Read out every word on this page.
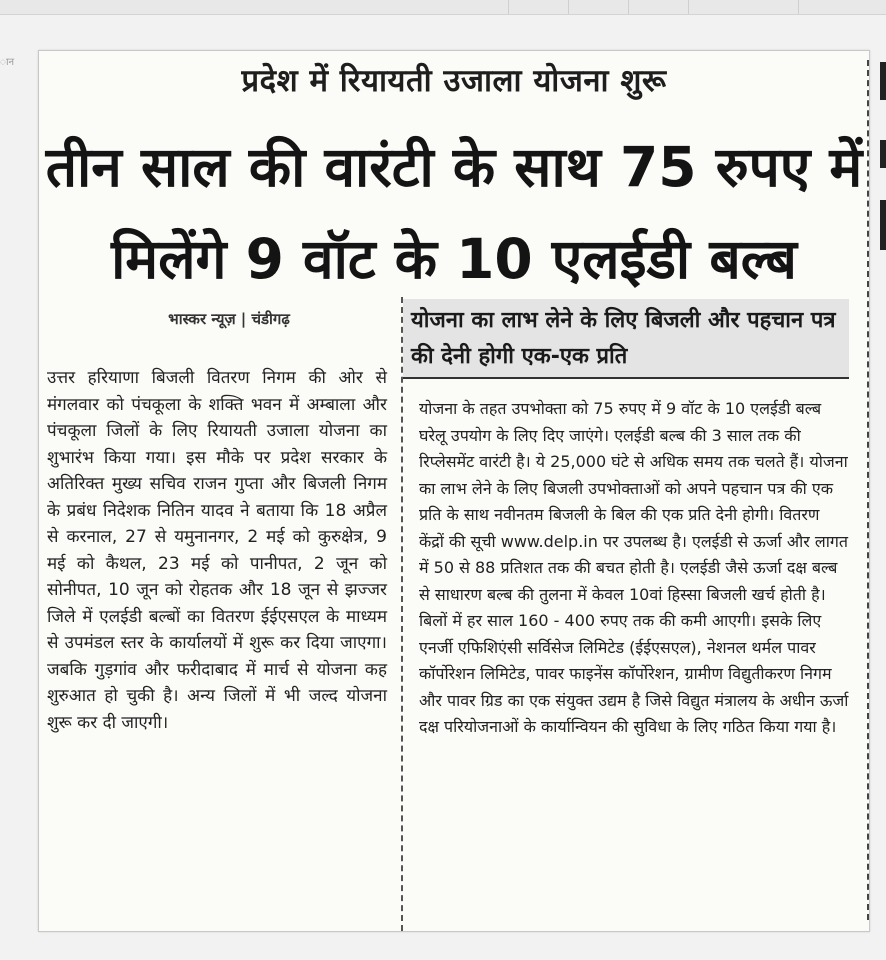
ान
प्रदेश में रियायती उजाला योजना शुरू
तीन साल की वारंटी के साथ 75 रुपए में मिलेंगे 9 वॉट के 10 एलईडी बल्ब
भास्कर न्यूज़ | चंडीगढ़	योजना का लाभ लेने के लिए बिजली और पहचान पत्र की देनी होगी एक-एक प्रति
उत्तर हरियाणा बिजली वितरण निगम की ओर से मंगलवार को पंचकूला के शक्ति भवन में अम्बाला और पंचकूला जिलों के लिए रियायती उजाला योजना का शुभारंभ किया गया। इस मौके पर प्रदेश सरकार के अतिरिक्त मुख्य सचिव राजन गुप्ता और बिजली निगम के प्रबंध निदेशक नितिन यादव ने बताया कि 18 अप्रैल से करनाल, 27 से यमुनानगर, 2 मई को कुरुक्षेत्र, 9 मई को कैथल, 23 मई को पानीपत, 2 जून को सोनीपत, 10 जून को रोहतक और 18 जून से झज्जर जिले में एलईडी बल्बों का वितरण ईईएसएल के माध्यम से उपमंडल स्तर के कार्यालयों में शुरू कर दिया जाएगा। जबकि गुड़गांव और फरीदाबाद में मार्च से योजना कह शुरुआत हो चुकी है। अन्य जिलों में भी जल्द योजना शुरू कर दी जाएगी।
योजना के तहत उपभोक्ता को 75 रुपए में 9 वॉट के 10 एलईडी बल्ब घरेलू उपयोग के लिए दिए जाएंगे। एलईडी बल्ब की 3 साल तक की रिप्लेसमेंट वारंटी है। ये 25,000 घंटे से अधिक समय तक चलते हैं। योजना का लाभ लेने के लिए बिजली उपभोक्ताओं को अपने पहचान पत्र की एक प्रति के साथ नवीनतम बिजली के बिल की एक प्रति देनी होगी। वितरण केंद्रों की सूची www.delp.in पर उपलब्ध है। एलईडी से ऊर्जा और लागत में 50 से 88 प्रतिशत तक की बचत होती है। एलईडी जैसे ऊर्जा दक्ष बल्ब से साधारण बल्ब की तुलना में केवल 10वां हिस्सा बिजली खर्च होती है। बिलों में हर साल 160 - 400 रुपए तक की कमी आएगी। इसके लिए एनर्जी एफिशिएंसी सर्विसेज लिमिटेड (ईईएसएल), नेशनल थर्मल पावर कॉर्पोरेशन लिमिटेड, पावर फाइनेंस कॉर्पोरेशन, ग्रामीण विद्युतीकरण निगम और पावर ग्रिड का एक संयुक्त उद्यम है जिसे विद्युत मंत्रालय के अधीन ऊर्जा दक्ष परियोजनाओं के कार्यान्वियन की सुविधा के लिए गठित किया गया है।
